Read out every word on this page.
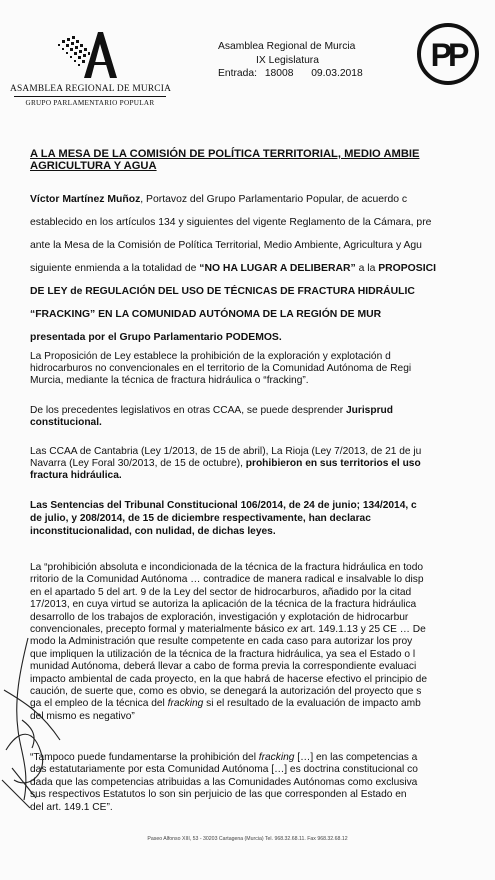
ASAMBLEA REGIONAL DE MURCIA
GRUPO PARLAMENTARIO POPULAR
Asamblea Regional de Murcia
IX Legislatura
Entrada: 18008 09.03.2018
PP
A LA MESA DE LA COMISIÓN DE POLÍTICA TERRITORIAL, MEDIO AMBIE
AGRICULTURA Y AGUA
Víctor Martínez Muñoz, Portavoz del Grupo Parlamentario Popular, de acuerdo c
establecido en los artículos 134 y siguientes del vigente Reglamento de la Cámara, pre
ante la Mesa de la Comisión de Política Territorial, Medio Ambiente, Agricultura y Agu
siguiente enmienda a la totalidad de “NO HA LUGAR A DELIBERAR” a la PROPOSICI
DE LEY de REGULACIÓN DEL USO DE TÉCNICAS DE FRACTURA HIDRÁULIC
“FRACKING” EN LA COMUNIDAD AUTÓNOMA DE LA REGIÓN DE MUR
presentada por el Grupo Parlamentario PODEMOS.
La Proposición de Ley establece la prohibición de la exploración y explotación d
hidrocarburos no convencionales en el territorio de la Comunidad Autónoma de Regi
Murcia, mediante la técnica de fractura hidráulica o “fracking”.
De los precedentes legislativos en otras CCAA, se puede desprender Jurisprud
constitucional.
Las CCAA de Cantabria (Ley 1/2013, de 15 de abril), La Rioja (Ley 7/2013, de 21 de ju
Navarra (Ley Foral 30/2013, de 15 de octubre), prohibieron en sus territorios el uso
fractura hidráulica.
Las Sentencias del Tribunal Constitucional 106/2014, de 24 de junio; 134/2014, c
de julio, y 208/2014, de 15 de diciembre respectivamente, han declarac
inconstitucionalidad, con nulidad, de dichas leyes.
La “prohibición absoluta e incondicionada de la técnica de la fractura hidráulica en todo
rritorio de la Comunidad Autónoma … contradice de manera radical e insalvable lo disp
en el apartado 5 del art. 9 de la Ley del sector de hidrocarburos, añadido por la citad
17/2013, en cuya virtud se autoriza la aplicación de la técnica de la fractura hidráulica
desarrollo de los trabajos de exploración, investigación y explotación de hidrocarbur
convencionales, precepto formal y materialmente básico ex art. 149.1.13 y 25 CE … De
modo la Administración que resulte competente en cada caso para autorizar los proy
que impliquen la utilización de la técnica de la fractura hidráulica, ya sea el Estado o l
munidad Autónoma, deberá llevar a cabo de forma previa la correspondiente evaluaci
impacto ambiental de cada proyecto, en la que habrá de hacerse efectivo el principio de
caución, de suerte que, como es obvio, se denegará la autorización del proyecto que s
ga el empleo de la técnica del fracking si el resultado de la evaluación de impacto amb
del mismo es negativo”
“Tampoco puede fundamentarse la prohibición del fracking […] en las competencias a
das estatutariamente por esta Comunidad Autónoma […] es doctrina constitucional co
dada que las competencias atribuidas a las Comunidades Autónomas como exclusiva
sus respectivos Estatutos lo son sin perjuicio de las que corresponden al Estado en
del art. 149.1 CE”.
Paseo Alfonso XIII, 53 - 30203 Cartagena (Murcia) Tel. 968.32.68.11. Fax 968.32.68.12
